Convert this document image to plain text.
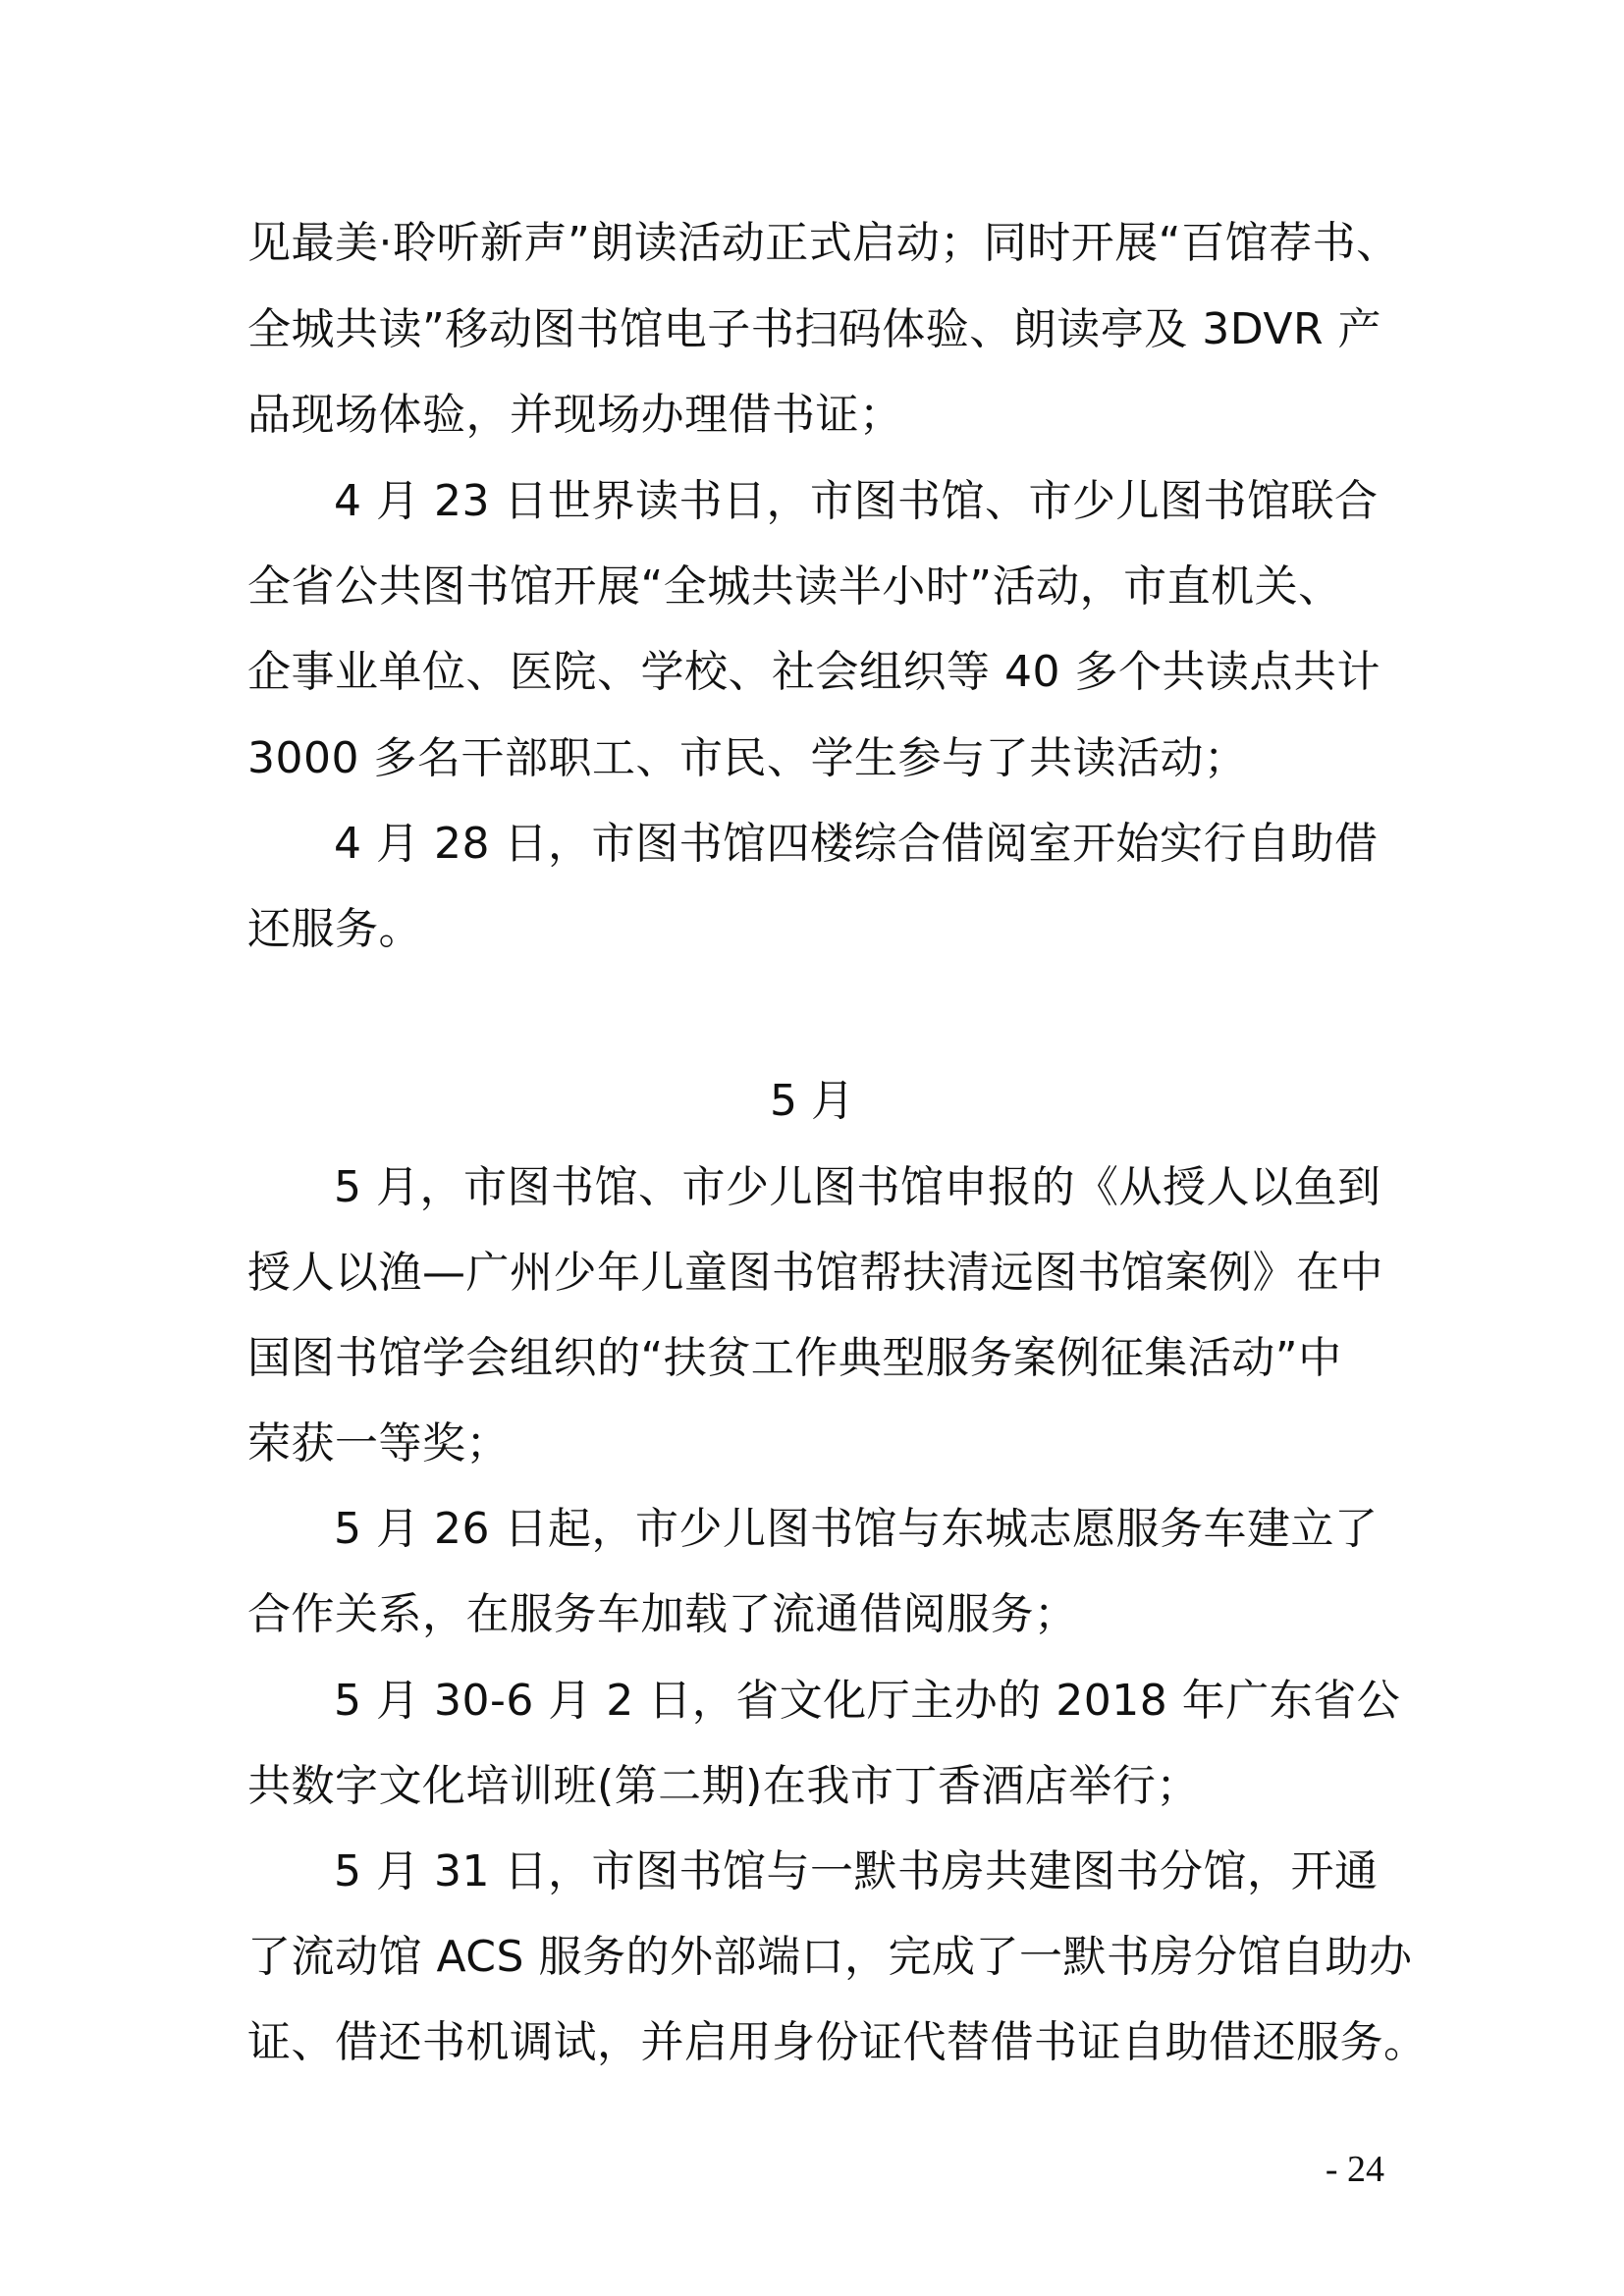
见最美·聆听新声”朗读活动正式启动；同时开展“百馆荐书、
全城共读”移动图书馆电子书扫码体验、朗读亭及 3DVR 产
品现场体验，并现场办理借书证；
4 月 23 日世界读书日，市图书馆、市少儿图书馆联合
全省公共图书馆开展“全城共读半小时”活动，市直机关、
企事业单位、医院、学校、社会组织等 40 多个共读点共计
3000 多名干部职工、市民、学生参与了共读活动；
4 月 28 日，市图书馆四楼综合借阅室开始实行自助借
还服务。
5 月
5 月，市图书馆、市少儿图书馆申报的《从授人以鱼到
授人以渔—广州少年儿童图书馆帮扶清远图书馆案例》在中
国图书馆学会组织的“扶贫工作典型服务案例征集活动”中
荣获一等奖；
5 月 26 日起，市少儿图书馆与东城志愿服务车建立了
合作关系，在服务车加载了流通借阅服务；
5 月 30-6 月 2 日，省文化厅主办的 2018 年广东省公
共数字文化培训班(第二期)在我市丁香酒店举行；
5 月 31 日，市图书馆与一默书房共建图书分馆，开通
了流动馆 ACS 服务的外部端口，完成了一默书房分馆自助办
证、借还书机调试，并启用身份证代替借书证自助借还服务。
- 24
